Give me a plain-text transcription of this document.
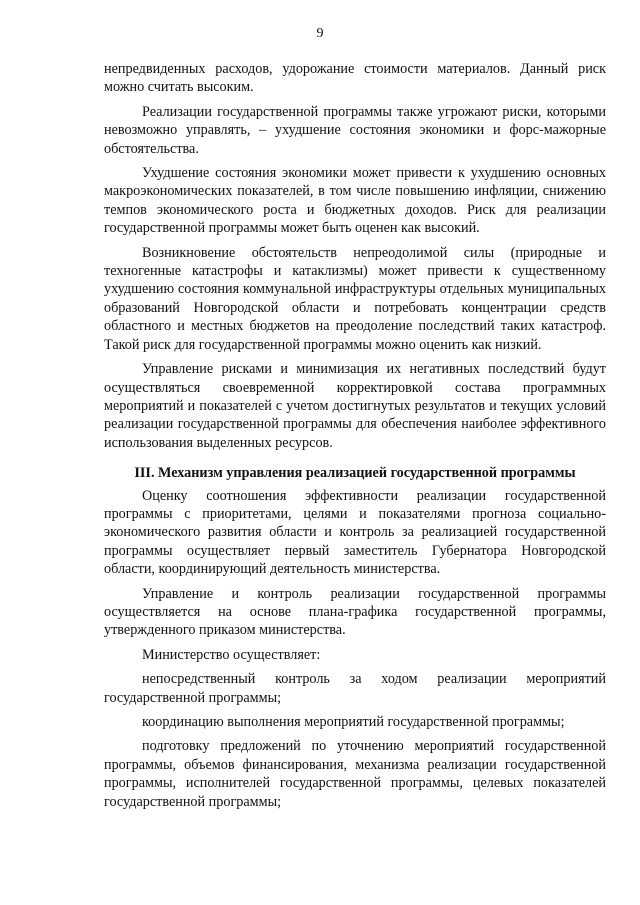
9

непредвиденных расходов, удорожание стоимости материалов. Данный риск можно считать высоким.

Реализации государственной программы также угрожают риски, которыми невозможно управлять, – ухудшение состояния экономики и форс-мажорные обстоятельства.

Ухудшение состояния экономики может привести к ухудшению основных макроэкономических показателей, в том числе повышению инфляции, снижению темпов экономического роста и бюджетных доходов. Риск для реализации государственной программы может быть оценен как высокий.

Возникновение обстоятельств непреодолимой силы (природные и техногенные катастрофы и катаклизмы) может привести к существенному ухудшению состояния коммунальной инфраструктуры отдельных муниципальных образований Новгородской области и потребовать концентрации средств областного и местных бюджетов на преодоление последствий таких катастроф. Такой риск для государственной программы можно оценить как низкий.

Управление рисками и минимизация их негативных последствий будут осуществляться своевременной корректировкой состава программных мероприятий и показателей с учетом достигнутых результатов и текущих условий реализации государственной программы для обеспечения наиболее эффективного использования выделенных ресурсов.

III. Механизм управления реализацией государственной программы

Оценку соотношения эффективности реализации государственной программы с приоритетами, целями и показателями прогноза социально-экономического развития области и контроль за реализацией государственной программы осуществляет первый заместитель Губернатора Новгородской области, координирующий деятельность министерства.

Управление и контроль реализации государственной программы осуществляется на основе плана-графика государственной программы, утвержденного приказом министерства.

Министерство осуществляет:

непосредственный контроль за ходом реализации мероприятий государственной программы;

координацию выполнения мероприятий государственной программы;

подготовку предложений по уточнению мероприятий государственной программы, объемов финансирования, механизма реализации государственной программы, исполнителей государственной программы, целевых показателей государственной программы;
